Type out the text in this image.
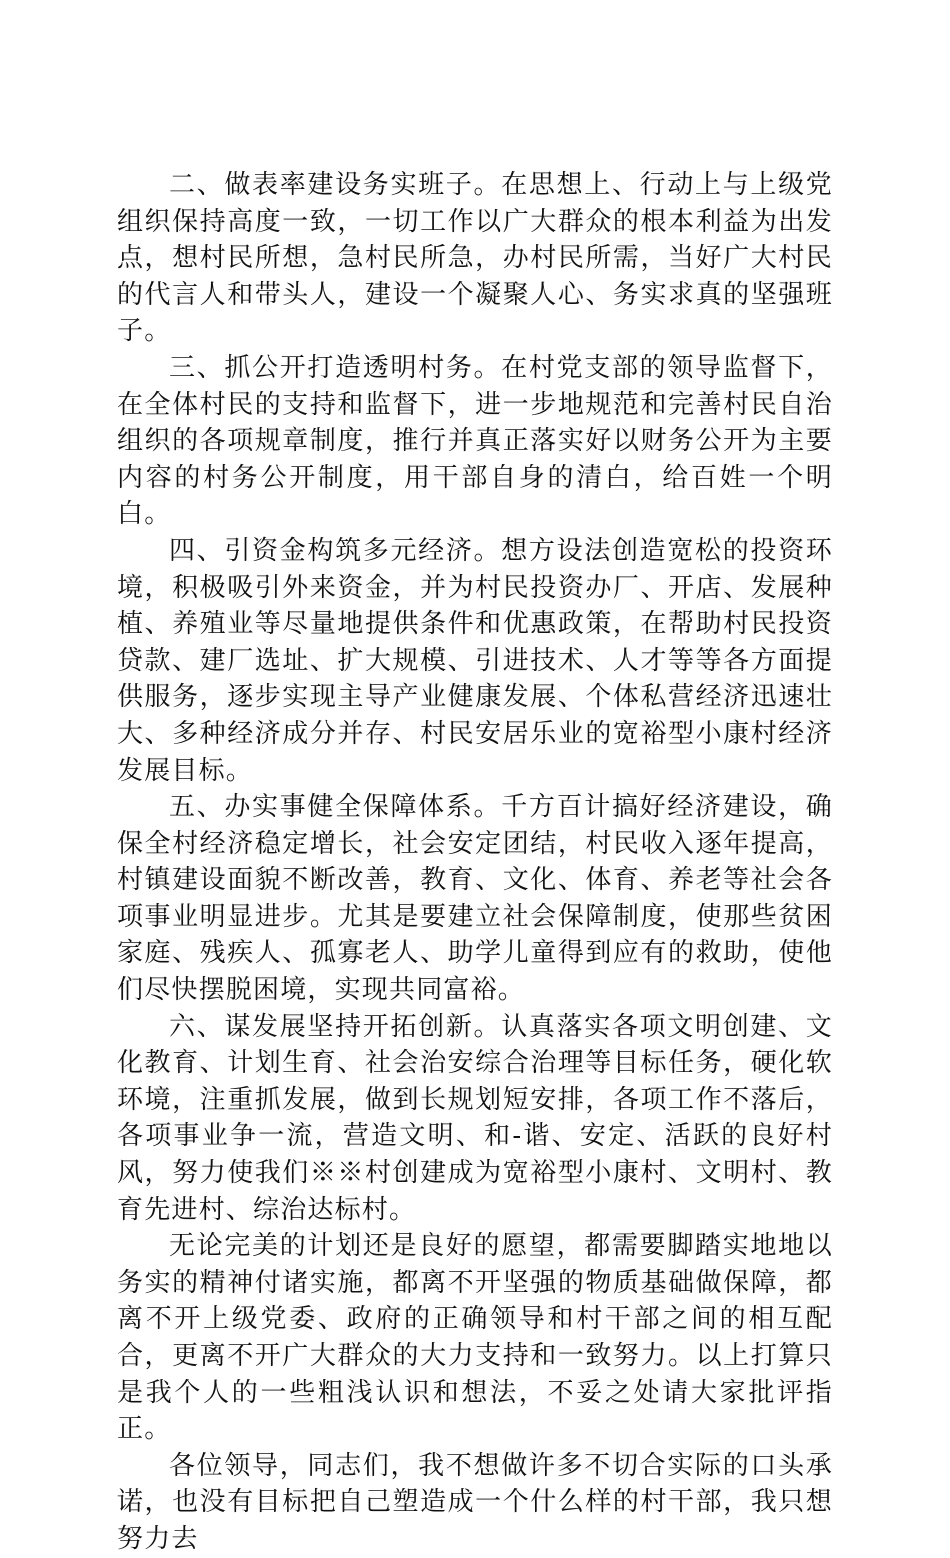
二、做表率建设务实班子。在思想上、行动上与上级党组织保持高度一致，一切工作以广大群众的根本利益为出发点，想村民所想，急村民所急，办村民所需，当好广大村民的代言人和带头人，建设一个凝聚人心、务实求真的坚强班子。

三、抓公开打造透明村务。在村党支部的领导监督下，在全体村民的支持和监督下，进一步地规范和完善村民自治组织的各项规章制度，推行并真正落实好以财务公开为主要内容的村务公开制度，用干部自身的清白，给百姓一个明白。

四、引资金构筑多元经济。想方设法创造宽松的投资环境，积极吸引外来资金，并为村民投资办厂、开店、发展种植、养殖业等尽量地提供条件和优惠政策，在帮助村民投资贷款、建厂选址、扩大规模、引进技术、人才等等各方面提供服务，逐步实现主导产业健康发展、个体私营经济迅速壮大、多种经济成分并存、村民安居乐业的宽裕型小康村经济发展目标。

五、办实事健全保障体系。千方百计搞好经济建设，确保全村经济稳定增长，社会安定团结，村民收入逐年提高，村镇建设面貌不断改善，教育、文化、体育、养老等社会各项事业明显进步。尤其是要建立社会保障制度，使那些贫困家庭、残疾人、孤寡老人、助学儿童得到应有的救助，使他们尽快摆脱困境，实现共同富裕。

六、谋发展坚持开拓创新。认真落实各项文明创建、文化教育、计划生育、社会治安综合治理等目标任务，硬化软环境，注重抓发展，做到长规划短安排，各项工作不落后，各项事业争一流，营造文明、和-谐、安定、活跃的良好村风，努力使我们※※村创建成为宽裕型小康村、文明村、教育先进村、综治达标村。

无论完美的计划还是良好的愿望，都需要脚踏实地地以务实的精神付诸实施，都离不开坚强的物质基础做保障，都离不开上级党委、政府的正确领导和村干部之间的相互配合，更离不开广大群众的大力支持和一致努力。以上打算只是我个人的一些粗浅认识和想法，不妥之处请大家批评指正。

各位领导，同志们，我不想做许多不切合实际的口头承诺，也没有目标把自己塑造成一个什么样的村干部，我只想努力去
